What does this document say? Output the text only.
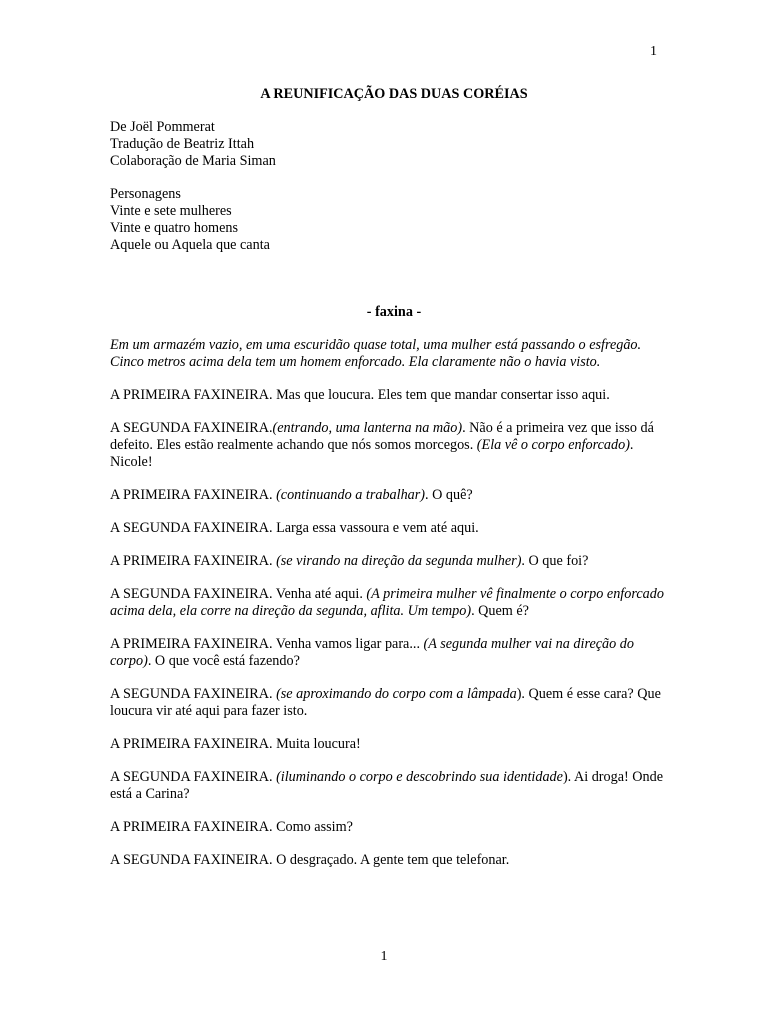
1
A REUNIFICAÇÃO DAS DUAS CORÉIAS
De Joël Pommerat
Tradução de Beatriz Ittah
Colaboração de Maria Siman
Personagens
Vinte e sete mulheres
Vinte e quatro homens
Aquele ou Aquela que canta
- faxina -
Em um armazém vazio, em uma escuridão quase total, uma mulher está passando o esfregão. Cinco metros acima dela tem um homem enforcado. Ela claramente não o havia visto.
A PRIMEIRA FAXINEIRA. Mas que loucura. Eles tem que mandar consertar isso aqui.
A SEGUNDA FAXINEIRA.(entrando, uma lanterna na mão). Não é a primeira vez que isso dá defeito. Eles estão realmente achando que nós somos morcegos. (Ela vê o corpo enforcado). Nicole!
A PRIMEIRA FAXINEIRA. (continuando a trabalhar). O quê?
A SEGUNDA FAXINEIRA. Larga essa vassoura e vem até aqui.
A PRIMEIRA FAXINEIRA. (se virando na direção da segunda mulher). O que foi?
A SEGUNDA FAXINEIRA. Venha até aqui. (A primeira mulher vê finalmente o corpo enforcado acima dela, ela corre na direção da segunda, aflita. Um tempo). Quem é?
A PRIMEIRA FAXINEIRA. Venha vamos ligar para... (A segunda mulher vai na direção do corpo). O que você está fazendo?
A SEGUNDA FAXINEIRA. (se aproximando do corpo com a lâmpada). Quem é esse cara? Que loucura vir até aqui para fazer isto.
A PRIMEIRA FAXINEIRA. Muita loucura!
A SEGUNDA FAXINEIRA. (iluminando o corpo e descobrindo sua identidade). Ai droga! Onde está a Carina?
A PRIMEIRA FAXINEIRA. Como assim?
A SEGUNDA FAXINEIRA. O desgraçado. A gente tem que telefonar.
1
